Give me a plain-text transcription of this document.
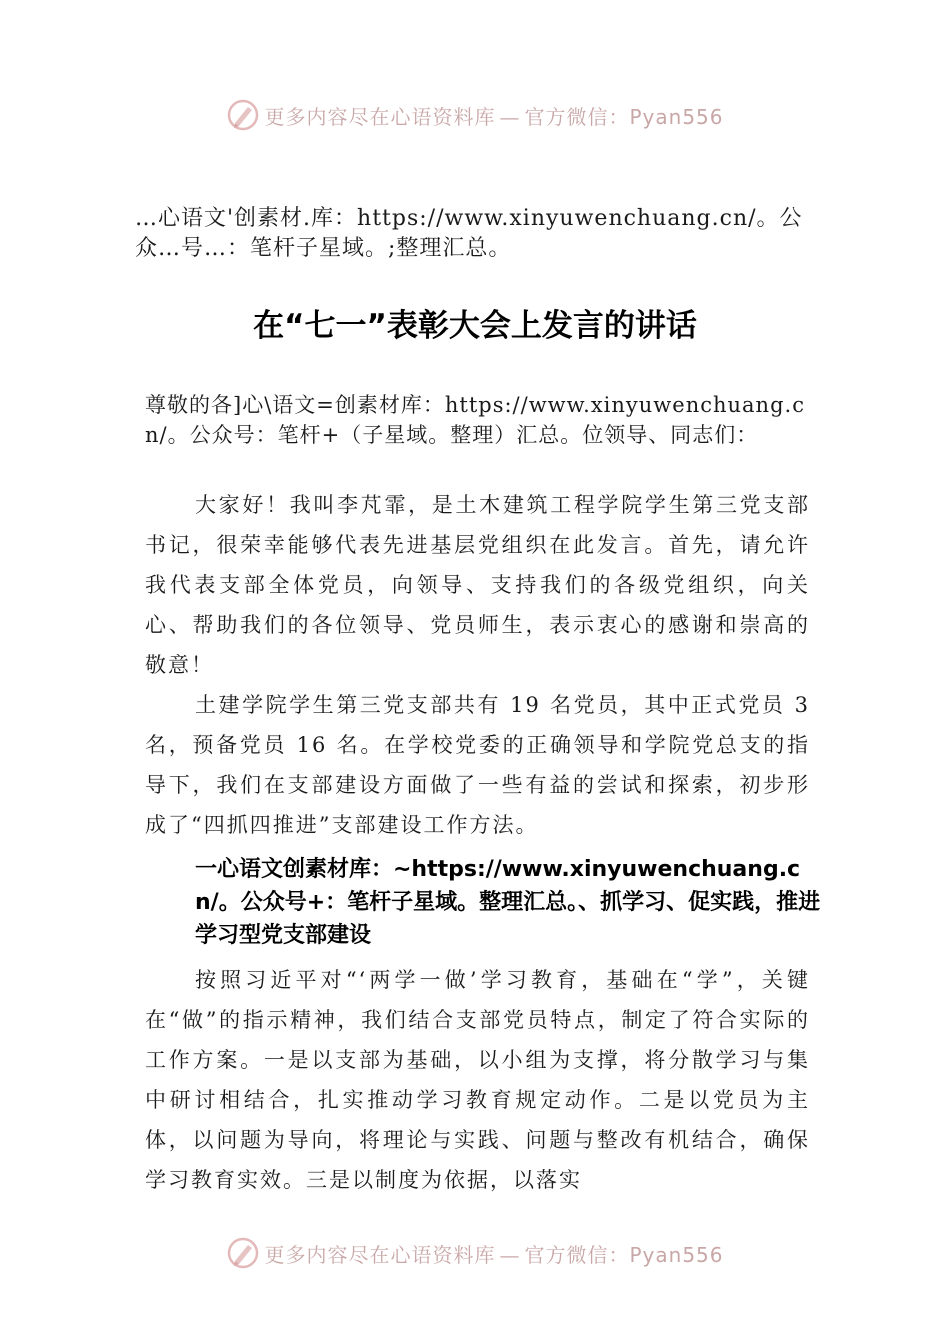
更多内容尽在心语资料库 — 官方微信：Pyan556

…心语文'创素材.库：https://www.xinyuwenchuang.cn/。公众…号…：笔杆子星域。;整理汇总。

在“七一”表彰大会上发言的讲话

尊敬的各]心\语文=创素材库：https://www.xinyuwenchuang.cn/。公众号：笔杆+（子星域。整理）汇总。位领导、同志们：

大家好！我叫李芃霏，是土木建筑工程学院学生第三党支部书记，很荣幸能够代表先进基层党组织在此发言。首先，请允许我代表支部全体党员，向领导、支持我们的各级党组织，向关心、帮助我们的各位领导、党员师生，表示衷心的感谢和崇高的敬意！

土建学院学生第三党支部共有 19 名党员，其中正式党员 3 名，预备党员 16 名。在学校党委的正确领导和学院党总支的指导下，我们在支部建设方面做了一些有益的尝试和探索，初步形成了“四抓四推进”支部建设工作方法。

一心语文创素材库：~https://www.xinyuwenchuang.cn/。公众号+：笔杆子星域。整理汇总。、抓学习、促实践，推进学习型党支部建设

按照习近平对“‘两学一做’学习教育，基础在“学”，关键在“做”的指示精神，我们结合支部党员特点，制定了符合实际的工作方案。一是以支部为基础，以小组为支撑，将分散学习与集中研讨相结合，扎实推动学习教育规定动作。二是以党员为主体，以问题为导向，将理论与实践、问题与整改有机结合，确保学习教育实效。三是以制度为依据，以落实

更多内容尽在心语资料库 — 官方微信：Pyan556
